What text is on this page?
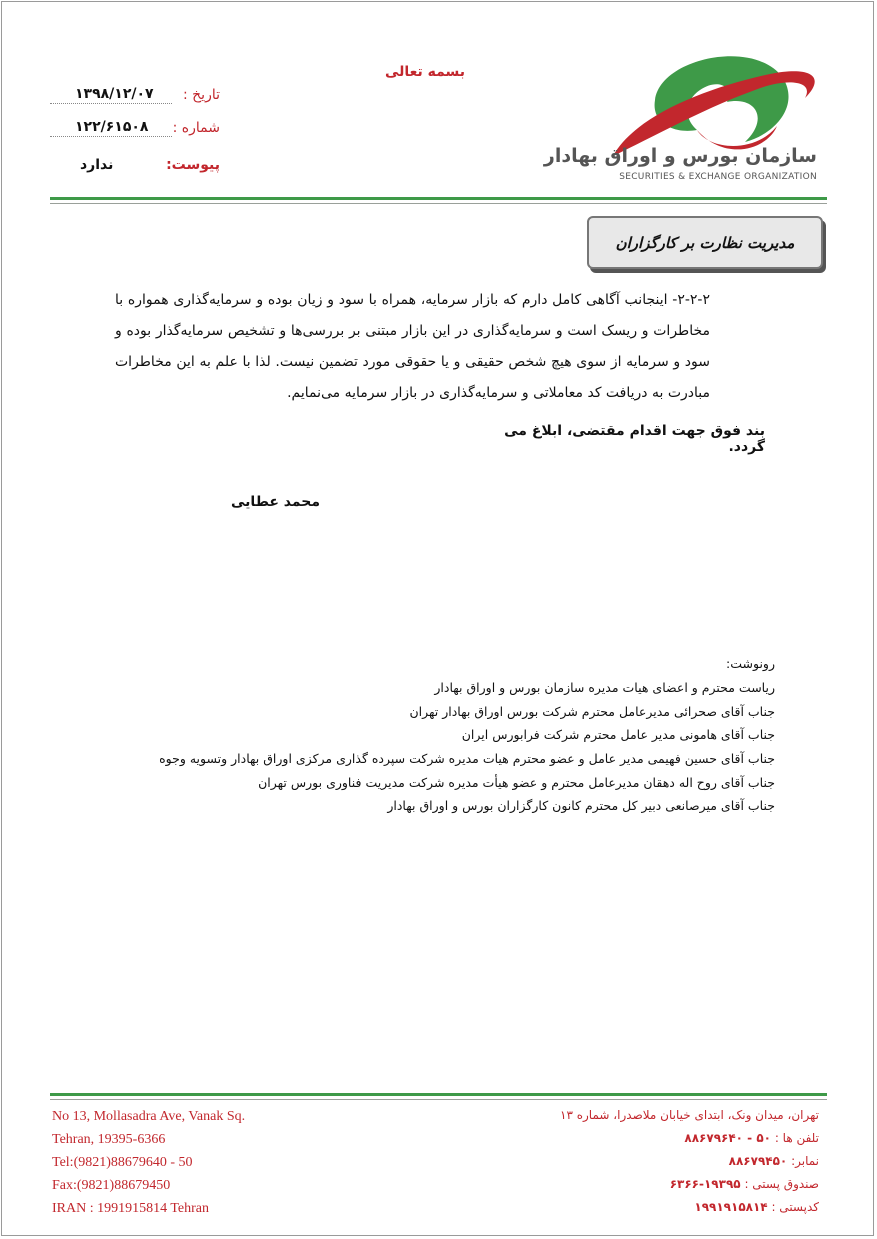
سازمان بورس و اوراق بهادار
SECURITIES & EXCHANGE ORGANIZATION
بسمه تعالی
تاریخ :
۱۳۹۸/۱۲/۰۷
شماره :
۱۲۲/۶۱۵۰۸
پیوست:
ندارد
مدیریت نظارت بر کارگزاران
۲-۲-۲- اینجانب آگاهی کامل دارم که بازار سرمایه، همراه با سود و زیان بوده و سرمایه‌گذاری همواره با مخاطرات و ریسک است و سرمایه‌گذاری در این بازار مبتنی بر بررسی‌ها و تشخیص سرمایه‌گذار بوده و سود و سرمایه از سوی هیچ شخص حقیقی و یا حقوقی مورد تضمین نیست. لذا با علم به این مخاطرات مبادرت به دریافت کد معاملاتی و سرمایه‌گذاری در بازار سرمایه می‌نمایم.
بند فوق جهت اقدام مقتضی، ابلاغ می گردد.
محمد عطایی
رونوشت:
ریاست محترم و اعضای هیات مدیره سازمان بورس و اوراق بهادار
جناب آقای صحرائی مدیرعامل محترم شرکت بورس اوراق بهادار تهران
جناب آقای هامونی مدیر عامل محترم شرکت فرابورس ایران
جناب آقای حسین فهیمی مدیر عامل و عضو محترم هیات مدیره شرکت سپرده گذاری مرکزی اوراق بهادار وتسویه وجوه
جناب آقای روح اله دهقان مدیرعامل محترم و عضو هیأت مدیره شرکت مدیریت فناوری بورس تهران
جناب آقای میرصانعی دبیر کل محترم کانون کارگزاران بورس و اوراق بهادار
No 13, Mollasadra Ave, Vanak Sq.
Tehran, 19395-6366
Tel:(9821)88679640 - 50
Fax:(9821)88679450
IRAN : 1991915814 Tehran
تهران، میدان ونک، ابتدای خیابان ملاصدرا، شماره ۱۳
تلفن ها : ۵۰ - ۸۸۶۷۹۶۴۰
نمابر: ۸۸۶۷۹۴۵۰
صندوق پستی : ۱۹۳۹۵-۶۳۶۶
کدپستی : ۱۹۹۱۹۱۵۸۱۴
